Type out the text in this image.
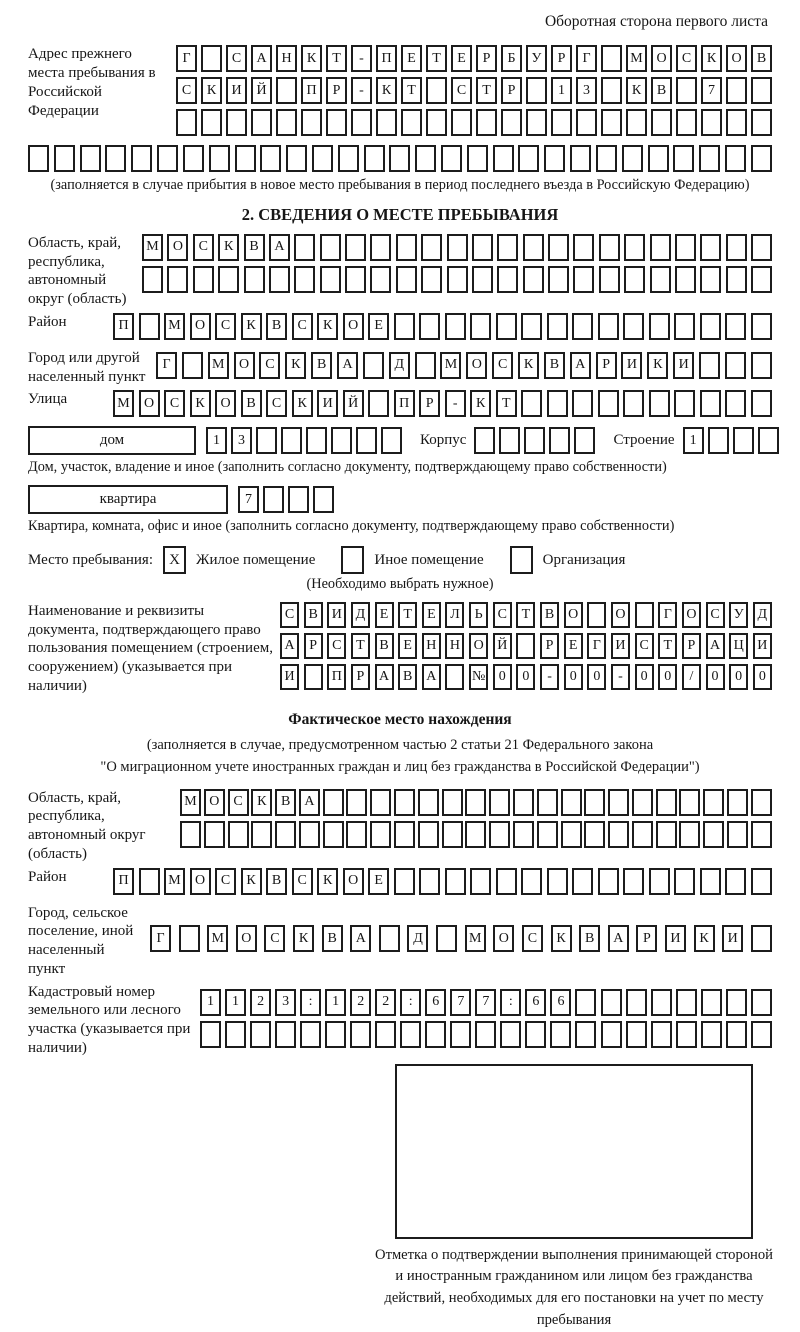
Оборотная сторона первого листа
Адрес прежнего места пребывания в Российской Федерации
Г	С	А	Н	К	Т	-	П	Е	Т	Е	Р	Б	У	Р	Г	М О	С	К	О	В
С	К	И	Й	П	Р	-	К	Т	С	Т	Р	1	3	К	В	7
(заполняется в случае прибытия в новое место пребывания в период последнего въезда в Российскую Федерацию)
2. СВЕДЕНИЯ О МЕСТЕ ПРЕБЫВАНИЯ
Область, край, республика, автономный округ (область)
М	О	С	К	В	А
Район	П	М	О	С	К	В	С	К	О	Е
Город или другой населенный пункт
Г	М	О	С	К	В	А	Д	М	О	С	К	В	А	Р	И	К	И
Улица	М	О	С	К	О	В	С	К	И	Й	П	Р	-	К	Т
дом	1	3	Корпус	Строение	1
Дом, участок, владение и иное (заполнить согласно документу, подтверждающему право собственности)
квартира	7
Квартира, комната, офис и иное (заполнить согласно документу, подтверждающему право собственности)
Место пребывания:	X	Жилое помещение	Иное помещение	Организация
(Необходимо выбрать нужное)
Наименование и реквизиты документа, подтверждающего право пользования помещением (строением, сооружением) (указывается при наличии)
С	В И Д	Е	Т	Е	Л	Ь	С	Т	В О	О	Г	О С	У Д
А	Р	С	Т	В	Е	Н Н О Й	Р	Е	Г	И С	Т	Р	А Ц И
И	П	Р	А В А	№ 0	0	-	0	0	-	0	0	/	0	0	0
Фактическое место нахождения
(заполняется в случае, предусмотренном частью 2 статьи 21 Федерального закона
"О миграционном учете иностранных граждан и лиц без гражданства в Российской Федерации")
Область, край, республика, автономный округ (область)
М О	С	К	В	А
Район	П	М	О	С	К	В	С	К	О	Е
Город, сельское поселение, иной населенный пункт
Г	М	О	С	К	В	А	Д	М	О	С	К	В	А	Р	И	К	И
Кадастровый номер земельного или лесного участка (указывается при наличии)
1	1	2	3	:	1	2	2	:	6	7	7	:	6	6
Отметка о подтверждении выполнения принимающей стороной и иностранным гражданином или лицом без гражданства действий, необходимых для его постановки на учет по месту пребывания
